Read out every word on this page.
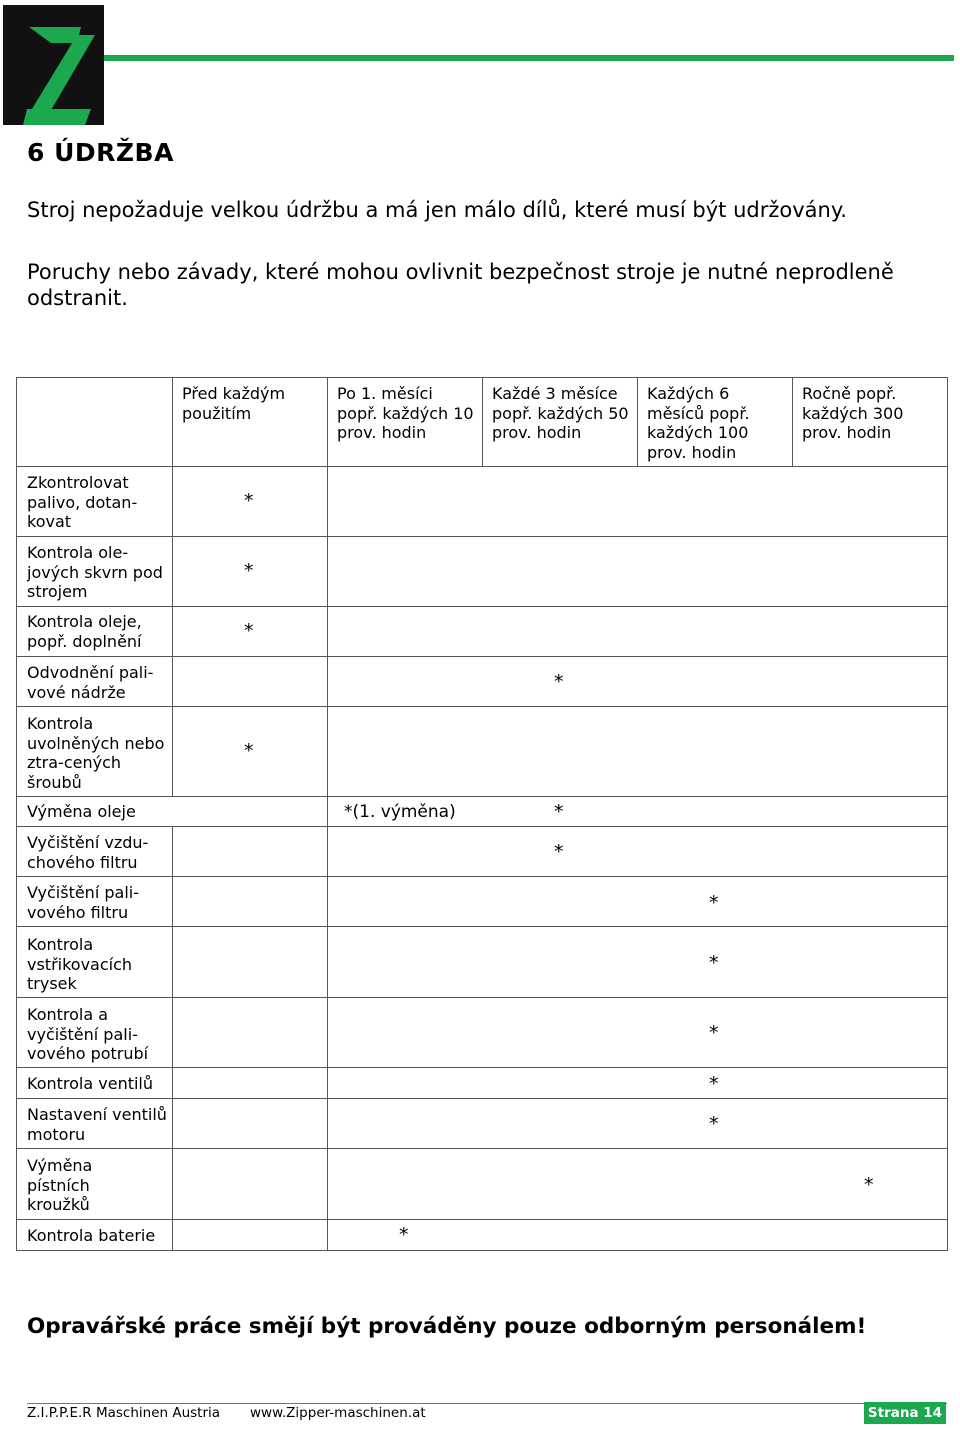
6 ÚDRŽBA

Stroj nepožaduje velkou údržbu a má jen málo dílů, které musí být udržovány.

Poruchy nebo závady, které mohou ovlivnit bezpečnost stroje je nutné neprodleně odstranit.

Před každým použitím
Po 1. měsíci popř. každých 10 prov. hodin
Každé 3 měsíce popř. každých 50 prov. hodin
Každých 6 měsíců popř. každých 100 prov. hodin
Ročně popř. každých 300 prov. hodin
Zkontrolovat palivo, dotan-kovat
Kontrola ole-jových skvrn pod strojem
Kontrola oleje, popř. doplnění
Odvodnění pali-vové nádrže
Kontrola uvolněných nebo ztra-cených šroubů
Výměna oleje
Vyčištění vzdu-chového filtru
Vyčištění pali-vového filtru
Kontrola vstřikovacích trysek
Kontrola a vyčištění pali-vového potrubí
Kontrola ventilů
Nastavení ventilů motoru
Výměna pístních kroužků
Kontrola baterie
*
*
*
*
*
*(1. výměna)	*
*
*
*
*
*
*
*
*

Opravářské práce smějí být prováděny pouze odborným personálem!

Z.I.P.P.E.R Maschinen Austria www.Zipper-maschinen.at	Strana 14
